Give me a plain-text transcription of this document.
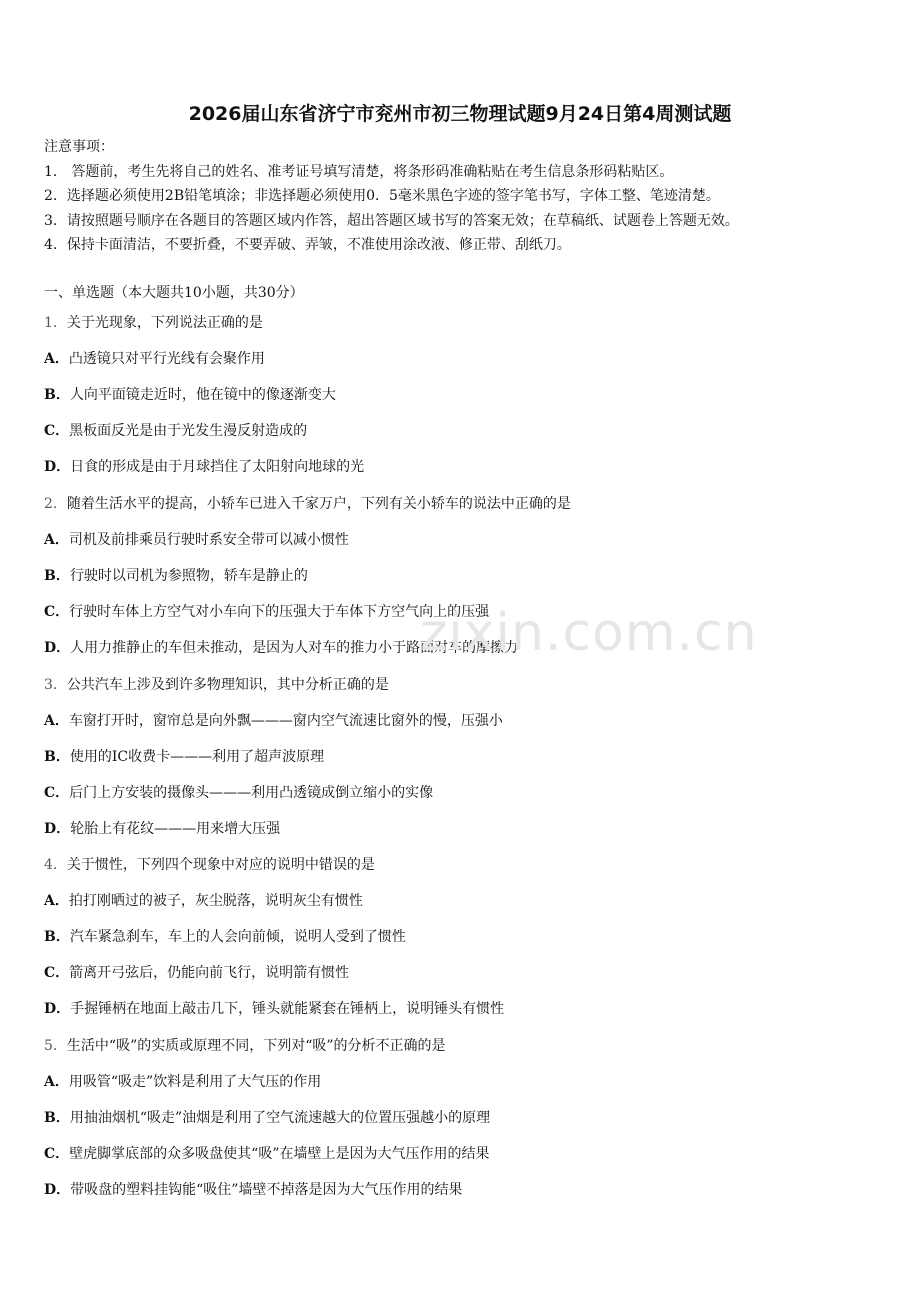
2026届山东省济宁市兖州市初三物理试题9月24日第4周测试题
注意事项：
1． 答题前，考生先将自己的姓名、准考证号填写清楚，将条形码准确粘贴在考生信息条形码粘贴区。
2．选择题必须使用2B铅笔填涂；非选择题必须使用0．5毫米黑色字迹的签字笔书写，字体工整、笔迹清楚。
3．请按照题号顺序在各题目的答题区域内作答，超出答题区域书写的答案无效；在草稿纸、试题卷上答题无效。
4．保持卡面清洁，不要折叠，不要弄破、弄皱，不准使用涂改液、修正带、刮纸刀。
一、单选题（本大题共10小题，共30分）
1．关于光现象，下列说法正确的是
A．凸透镜只对平行光线有会聚作用
B．人向平面镜走近时，他在镜中的像逐渐变大
C．黑板面反光是由于光发生漫反射造成的
D．日食的形成是由于月球挡住了太阳射向地球的光
2．随着生活水平的提高，小轿车已进入千家万户，下列有关小轿车的说法中正确的是
A．司机及前排乘员行驶时系安全带可以减小惯性
B．行驶时以司机为参照物，轿车是静止的
C．行驶时车体上方空气对小车向下的压强大于车体下方空气向上的压强
D．人用力推静止的车但未推动，是因为人对车的推力小于路面对车的摩擦力
3．公共汽车上涉及到许多物理知识，其中分析正确的是
A．车窗打开时，窗帘总是向外飘———窗内空气流速比窗外的慢，压强小
B．使用的IC收费卡———利用了超声波原理
C．后门上方安装的摄像头———利用凸透镜成倒立缩小的实像
D．轮胎上有花纹———用来增大压强
4．关于惯性，下列四个现象中对应的说明中错误的是
A．拍打刚晒过的被子，灰尘脱落，说明灰尘有惯性
B．汽车紧急刹车，车上的人会向前倾，说明人受到了惯性
C．箭离开弓弦后，仍能向前飞行，说明箭有惯性
D．手握锤柄在地面上敲击几下，锤头就能紧套在锤柄上，说明锤头有惯性
5．生活中“吸”的实质或原理不同，下列对“吸”的分析不正确的是
A．用吸管“吸走”饮料是利用了大气压的作用
B．用抽油烟机“吸走”油烟是利用了空气流速越大的位置压强越小的原理
C．壁虎脚掌底部的众多吸盘使其“吸”在墙壁上是因为大气压作用的结果
D．带吸盘的塑料挂钩能“吸住”墙壁不掉落是因为大气压作用的结果
zixin.com.cn
